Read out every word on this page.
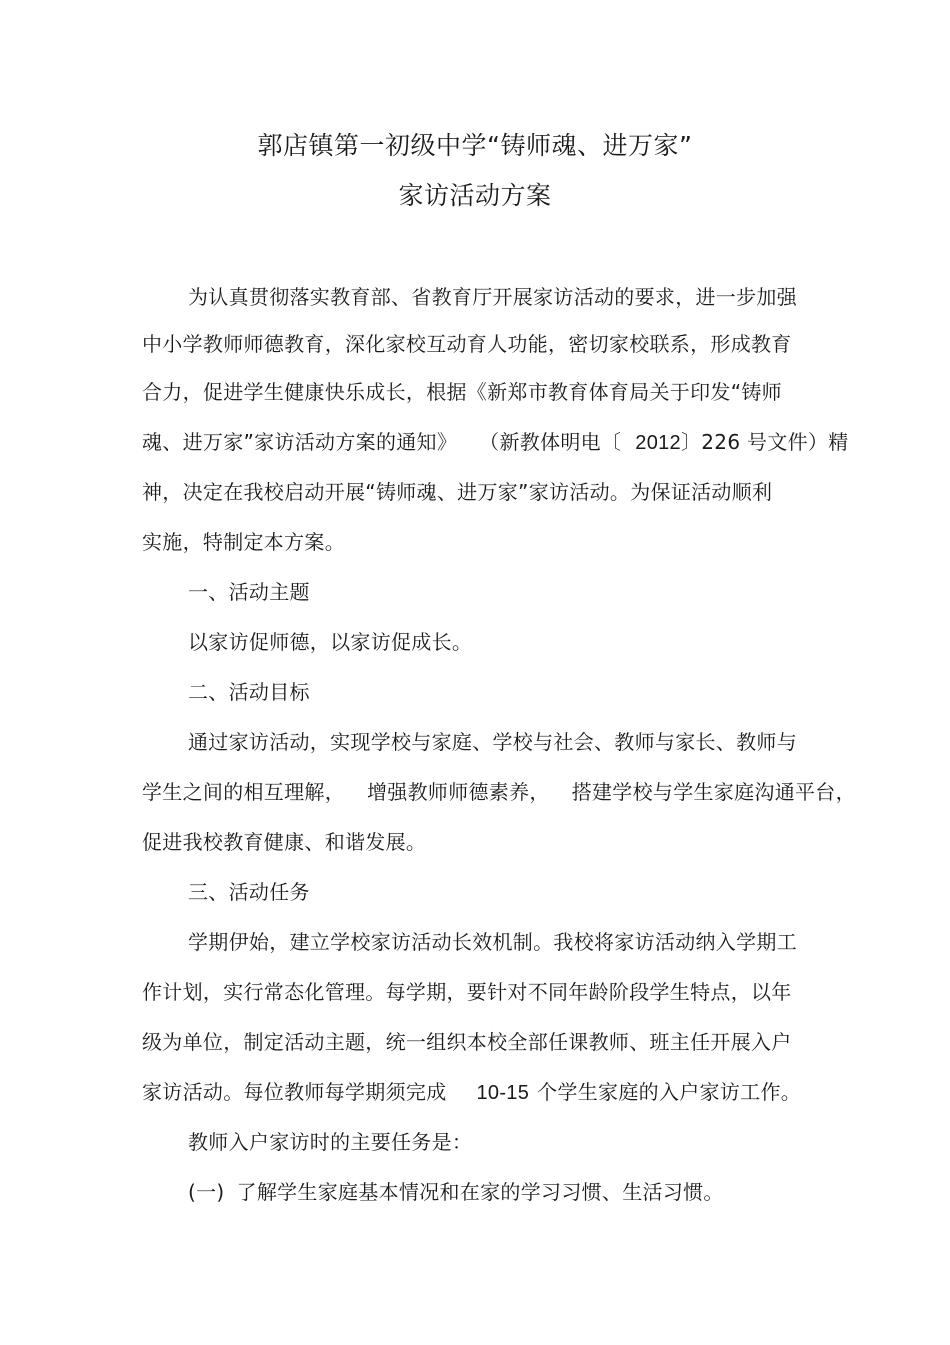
郭店镇第一初级中学“铸师魂、进万家”
家访活动方案
为认真贯彻落实教育部、省教育厅开展家访活动的要求，进一步加强
中小学教师师德教育，深化家校互动育人功能，密切家校联系，形成教育
合力，促进学生健康快乐成长，根据《新郑市教育体育局关于印发“铸师
魂、进万家”家访活动方案的通知》 （新教体明电〔 2012〕226 号文件）精
神，决定在我校启动开展“铸师魂、进万家”家访活动。为保证活动顺利
实施，特制定本方案。
一、活动主题
以家访促师德，以家访促成长。
二、活动目标
通过家访活动，实现学校与家庭、学校与社会、教师与家长、教师与
学生之间的相互理解， 增强教师师德素养， 搭建学校与学生家庭沟通平台，
促进我校教育健康、和谐发展。
三、活动任务
学期伊始，建立学校家访活动长效机制。我校将家访活动纳入学期工
作计划，实行常态化管理。每学期，要针对不同年龄阶段学生特点，以年
级为单位，制定活动主题，统一组织本校全部任课教师、班主任开展入户
家访活动。每位教师每学期须完成 10-15 个学生家庭的入户家访工作。
教师入户家访时的主要任务是：
(一) 了解学生家庭基本情况和在家的学习习惯、生活习惯。
